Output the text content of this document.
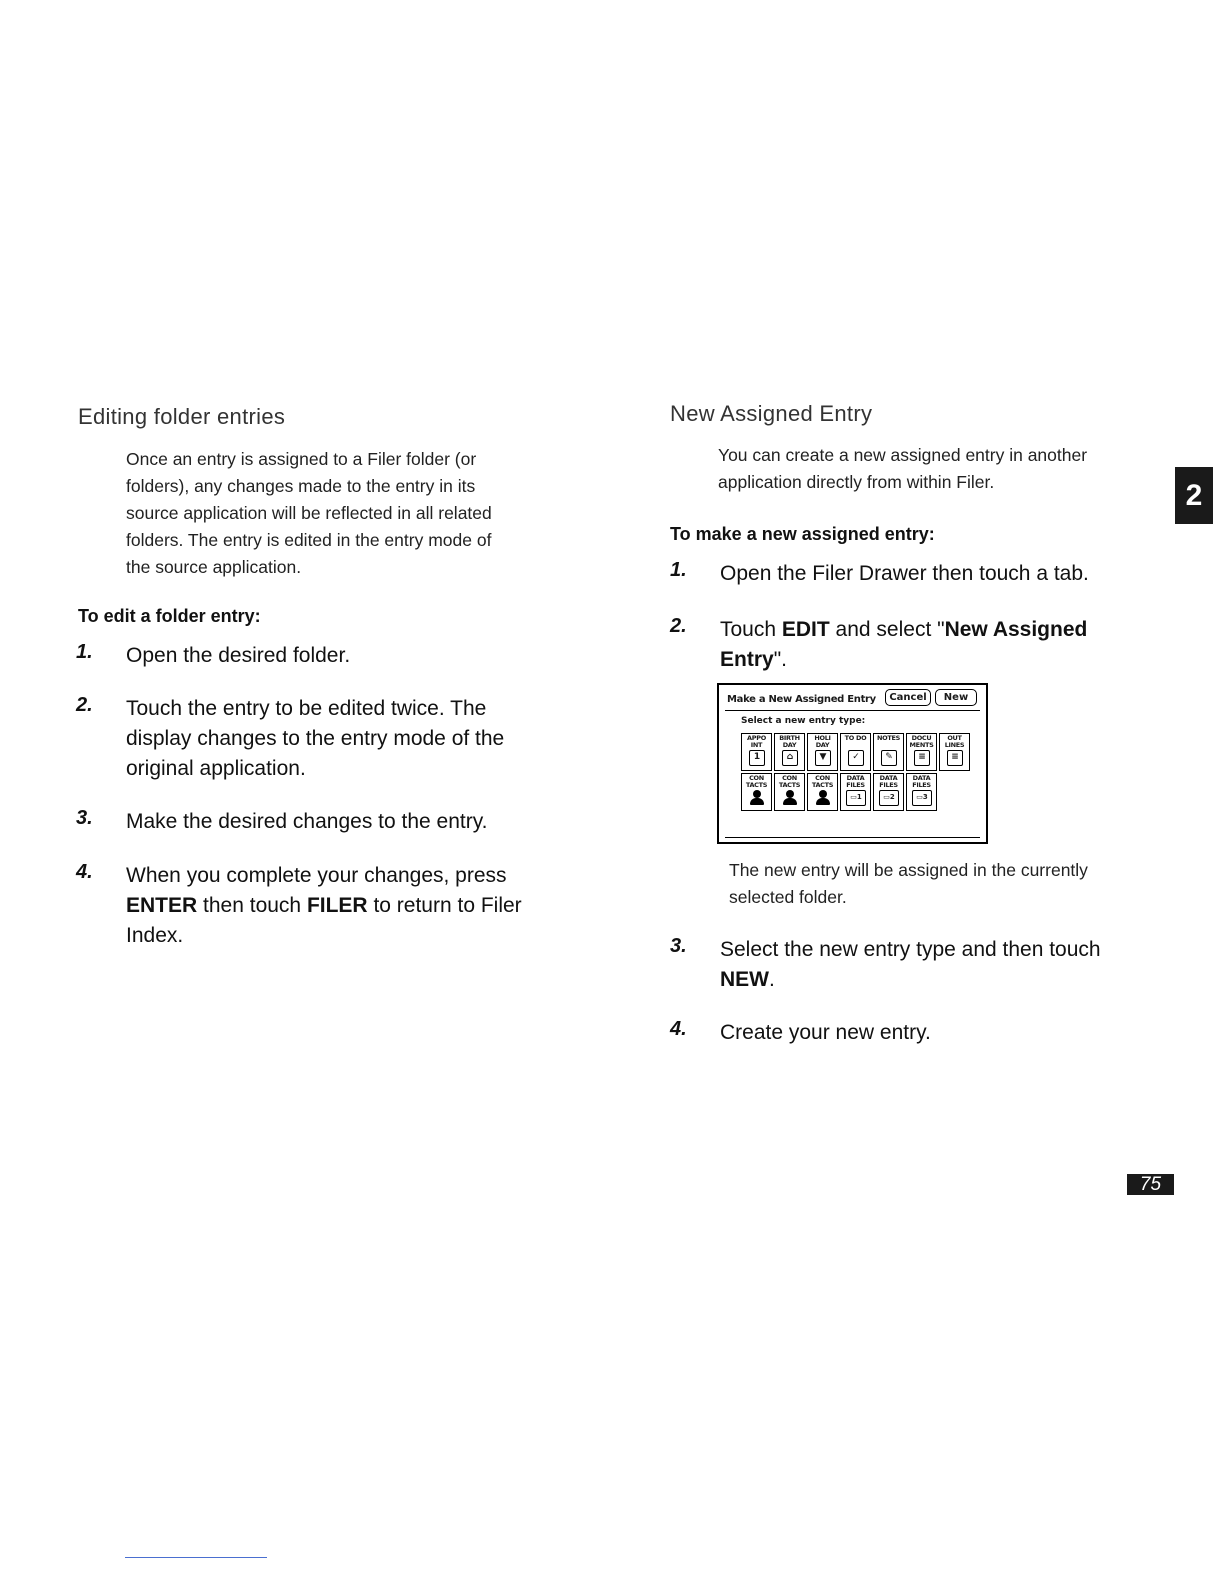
Editing folder entries
Once an entry is assigned to a Filer folder (or
folders), any changes made to the entry in its
source application will be reflected in all related
folders. The entry is edited in the entry mode of
the source application.
To edit a folder entry:
1.	Open the desired folder.
2.	Touch the entry to be edited twice. The
display changes to the entry mode of the
original application.
3.	Make the desired changes to the entry.
4.	When you complete your changes, press
ENTER then touch FILER to return to Filer
Index.
New Assigned Entry
You can create a new assigned entry in another
application directly from within Filer.
To make a new assigned entry:
1.	Open the Filer Drawer then touch a tab.
2.	Touch EDIT and select "New Assigned
Entry".
Make a New Assigned Entry	Cancel	New
Select a new entry type:
APPO INT
1
BIRTH DAY
⌂
HOLI DAY
▼
TO DO
✓
NOTES
✎
DOCU MENTS
≡
OUT LINES
≡
CON TACTS
CON TACTS
CON TACTS
DATA FILES
▭1
DATA FILES
▭2
DATA FILES
▭3
The new entry will be assigned in the currently
selected folder.
3.	Select the new entry type and then touch
NEW.
4.	Create your new entry.
2
75
